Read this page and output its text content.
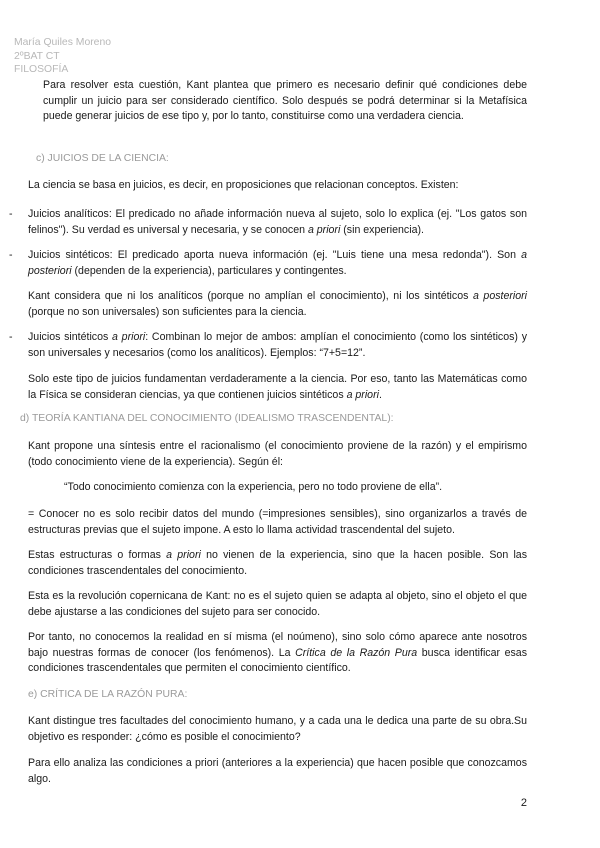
María Quiles Moreno
2ºBAT CT
FILOSOFÍA

Para resolver esta cuestión, Kant plantea que primero es necesario definir qué condiciones debe cumplir un juicio para ser considerado científico. Solo después se podrá determinar si la Metafísica puede generar juicios de ese tipo y, por lo tanto, constituirse como una verdadera ciencia.

c) JUICIOS DE LA CIENCIA:

La ciencia se basa en juicios, es decir, en proposiciones que relacionan conceptos. Existen:

- Juicios analíticos: El predicado no añade información nueva al sujeto, solo lo explica (ej. "Los gatos son felinos"). Su verdad es universal y necesaria, y se conocen a priori (sin experiencia).

- Juicios sintéticos: El predicado aporta nueva información (ej. "Luis tiene una mesa redonda"). Son a posteriori (dependen de la experiencia), particulares y contingentes.

Kant considera que ni los analíticos (porque no amplían el conocimiento), ni los sintéticos a posteriori (porque no son universales) son suficientes para la ciencia.

- Juicios sintéticos a priori: Combinan lo mejor de ambos: amplían el conocimiento (como los sintéticos) y son universales y necesarios (como los analíticos). Ejemplos: “7+5=12”.

Solo este tipo de juicios fundamentan verdaderamente a la ciencia. Por eso, tanto las Matemáticas como la Física se consideran ciencias, ya que contienen juicios sintéticos a priori.

d) TEORÍA KANTIANA DEL CONOCIMIENTO (IDEALISMO TRASCENDENTAL):

Kant propone una síntesis entre el racionalismo (el conocimiento proviene de la razón) y el empirismo (todo conocimiento viene de la experiencia). Según él:

“Todo conocimiento comienza con la experiencia, pero no todo proviene de ella”.

= Conocer no es solo recibir datos del mundo (=impresiones sensibles), sino organizarlos a través de estructuras previas que el sujeto impone. A esto lo llama actividad trascendental del sujeto.

Estas estructuras o formas a priori no vienen de la experiencia, sino que la hacen posible. Son las condiciones trascendentales del conocimiento.

Esta es la revolución copernicana de Kant: no es el sujeto quien se adapta al objeto, sino el objeto el que debe ajustarse a las condiciones del sujeto para ser conocido.

Por tanto, no conocemos la realidad en sí misma (el noúmeno), sino solo cómo aparece ante nosotros bajo nuestras formas de conocer (los fenómenos). La Crítica de la Razón Pura busca identificar esas condiciones trascendentales que permiten el conocimiento científico.

e) CRÍTICA DE LA RAZÓN PURA:

Kant distingue tres facultades del conocimiento humano, y a cada una le dedica una parte de su obra.Su objetivo es responder: ¿cómo es posible el conocimiento?

Para ello analiza las condiciones a priori (anteriores a la experiencia) que hacen posible que conozcamos algo.

2
